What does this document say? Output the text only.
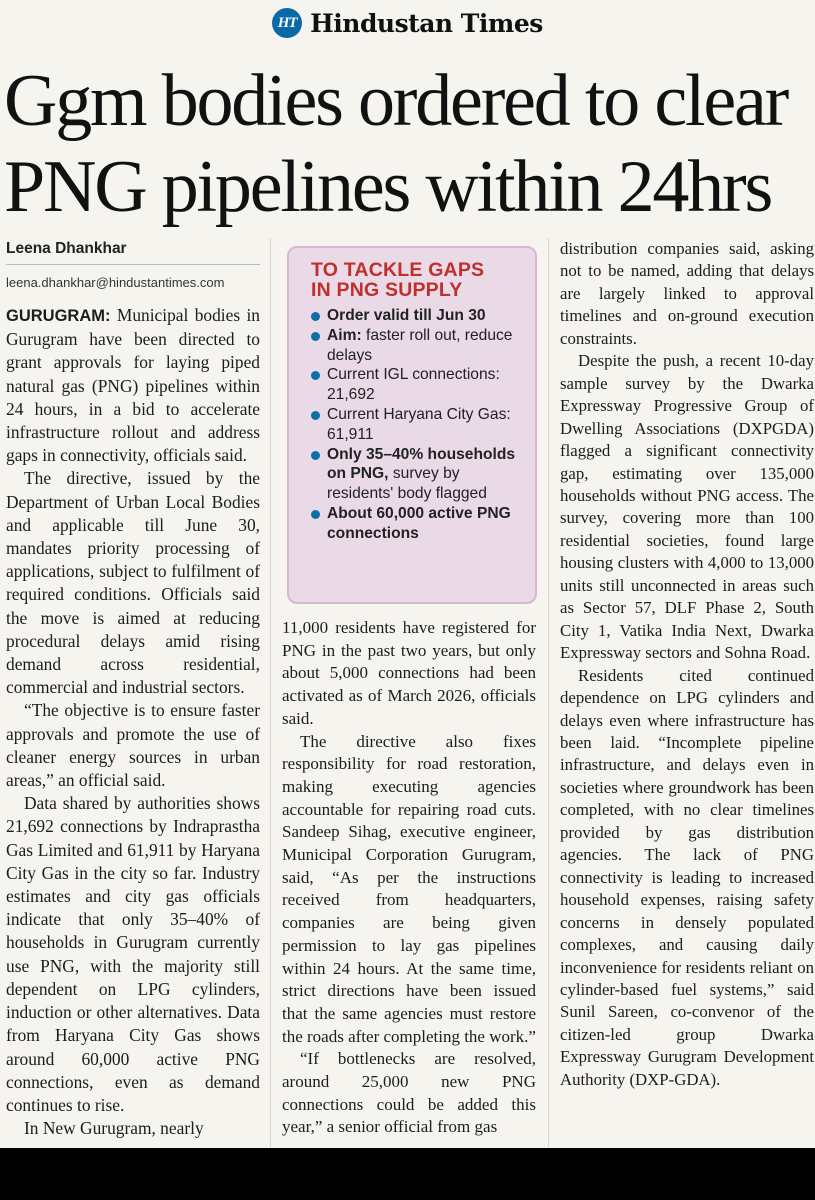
HT Hindustan Times
Ggm bodies ordered to clear
PNG pipelines within 24hrs
Leena Dhankhar
leena.dhankhar@hindustantimes.com

GURUGRAM: Municipal bodies in Gurugram have been directed to grant approvals for laying piped natural gas (PNG) pipelines within 24 hours, in a bid to accelerate infrastructure rollout and address gaps in connectivity, officials said.

The directive, issued by the Department of Urban Local Bodies and applicable till June 30, mandates priority processing of applications, subject to fulfilment of required conditions. Officials said the move is aimed at reducing procedural delays amid rising demand across residential, commercial and industrial sectors.

“The objective is to ensure faster approvals and promote the use of cleaner energy sources in urban areas,” an official said.

Data shared by authorities shows 21,692 connections by Indraprastha Gas Limited and 61,911 by Haryana City Gas in the city so far. Industry estimates and city gas officials indicate that only 35–40% of households in Gurugram currently use PNG, with the majority still dependent on LPG cylinders, induction or other alternatives. Data from Haryana City Gas shows around 60,000 active PNG connections, even as demand continues to rise.

In New Gurugram, nearly

TO TACKLE GAPS
IN PNG SUPPLY
Order valid till Jun 30
Aim: faster roll out, reduce delays
Current IGL connections: 21,692
Current Haryana City Gas: 61,911
Only 35–40% households on PNG, survey by residents' body flagged
About 60,000 active PNG connections

11,000 residents have registered for PNG in the past two years, but only about 5,000 connections had been activated as of March 2026, officials said.

The directive also fixes responsibility for road restoration, making executing agencies accountable for repairing road cuts. Sandeep Sihag, executive engineer, Municipal Corporation Gurugram, said, “As per the instructions received from headquarters, companies are being given permission to lay gas pipelines within 24 hours. At the same time, strict directions have been issued that the same agencies must restore the roads after completing the work.”

“If bottlenecks are resolved, around 25,000 new PNG connections could be added this year,” a senior official from gas

distribution companies said, asking not to be named, adding that delays are largely linked to approval timelines and on-ground execution constraints.

Despite the push, a recent 10-day sample survey by the Dwarka Expressway Progressive Group of Dwelling Associations (DXPGDA) flagged a significant connectivity gap, estimating over 135,000 households without PNG access. The survey, covering more than 100 residential societies, found large housing clusters with 4,000 to 13,000 units still unconnected in areas such as Sector 57, DLF Phase 2, South City 1, Vatika India Next, Dwarka Expressway sectors and Sohna Road.

Residents cited continued dependence on LPG cylinders and delays even where infrastructure has been laid. “Incomplete pipeline infrastructure, and delays even in societies where groundwork has been completed, with no clear timelines provided by gas distribution agencies. The lack of PNG connectivity is leading to increased household expenses, raising safety concerns in densely populated complexes, and causing daily inconvenience for residents reliant on cylinder-based fuel systems,” said Sunil Sareen, co-convenor of the citizen-led group Dwarka Expressway Gurugram Development Authority (DXP-GDA).
